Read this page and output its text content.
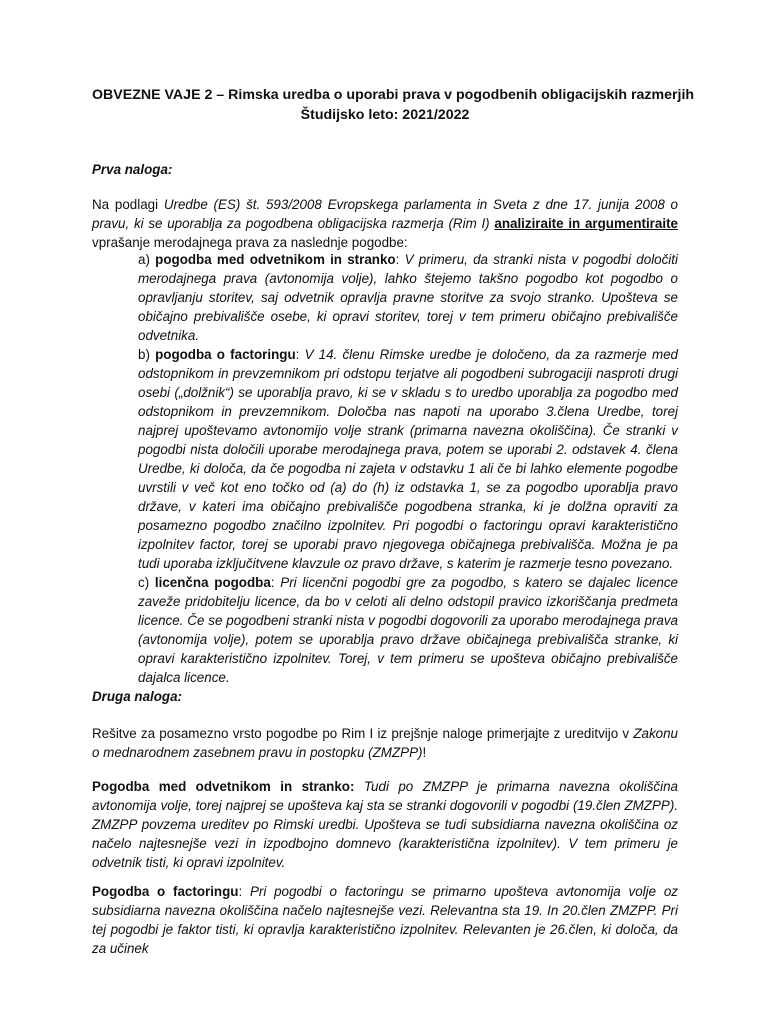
OBVEZNE VAJE 2 – Rimska uredba o uporabi prava v pogodbenih obligacijskih razmerjih
Študijsko leto: 2021/2022
Prva naloga:
Na podlagi Uredbe (ES) št. 593/2008 Evropskega parlamenta in Sveta z dne 17. junija 2008 o pravu, ki se uporablja za pogodbena obligacijska razmerja (Rim I) analiziraite in argumentiraite vprašanje merodajnega prava za naslednje pogodbe:
a) pogodba med odvetnikom in stranko: V primeru, da stranki nista v pogodbi določiti merodajnega prava (avtonomija volje), lahko štejemo takšno pogodbo kot pogodbo o opravljanju storitev, saj odvetnik opravlja pravne storitve za svojo stranko. Upošteva se običajno prebivališče osebe, ki opravi storitev, torej v tem primeru običajno prebivališče odvetnika.
b) pogodba o factoringu: V 14. členu Rimske uredbe je določeno, da za razmerje med odstopnikom in prevzemnikom pri odstopu terjatve ali pogodbeni subrogaciji nasproti drugi osebi („dolžnik“) se uporablja pravo, ki se v skladu s to uredbo uporablja za pogodbo med odstopnikom in prevzemnikom. Določba nas napoti na uporabo 3.člena Uredbe, torej najprej upoštevamo avtonomijo volje strank (primarna navezna okoliščina). Če stranki v pogodbi nista določili uporabe merodajnega prava, potem se uporabi 2. odstavek 4. člena Uredbe, ki določa, da če pogodba ni zajeta v odstavku 1 ali če bi lahko elemente pogodbe uvrstili v več kot eno točko od (a) do (h) iz odstavka 1, se za pogodbo uporablja pravo države, v kateri ima običajno prebivališče pogodbena stranka, ki je dolžna opraviti za posamezno pogodbo značilno izpolnitev. Pri pogodbi o factoringu opravi karakteristično izpolnitev factor, torej se uporabi pravo njegovega običajnega prebivališča. Možna je pa tudi uporaba izključitvene klavzule oz pravo države, s katerim je razmerje tesno povezano.
c) licenčna pogodba: Pri licenčni pogodbi gre za pogodbo, s katero se dajalec licence zaveže pridobitelju licence, da bo v celoti ali delno odstopil pravico izkoriščanja predmeta licence. Če se pogodbeni stranki nista v pogodbi dogovorili za uporabo merodajnega prava (avtonomija volje), potem se uporablja pravo države običajnega prebivališča stranke, ki opravi karakteristično izpolnitev. Torej, v tem primeru se upošteva običajno prebivališče dajalca licence.
Druga naloga:
Rešitve za posamezno vrsto pogodbe po Rim I iz prejšnje naloge primerjajte z ureditvijo v Zakonu o mednarodnem zasebnem pravu in postopku (ZMZPP)!
Pogodba med odvetnikom in stranko: Tudi po ZMZPP je primarna navezna okoliščina avtonomija volje, torej najprej se upošteva kaj sta se stranki dogovorili v pogodbi (19.člen ZMZPP). ZMZPP povzema ureditev po Rimski uredbi. Upošteva se tudi subsidiarna navezna okoliščina oz načelo najtesnejše vezi in izpodbojno domnevo (karakteristična izpolnitev). V tem primeru je odvetnik tisti, ki opravi izpolnitev.
Pogodba o factoringu: Pri pogodbi o factoringu se primarno upošteva avtonomija volje oz subsidiarna navezna okoliščina načelo najtesnejše vezi. Relevantna sta 19. In 20.člen ZMZPP. Pri tej pogodbi je faktor tisti, ki opravlja karakteristično izpolnitev. Relevanten je 26.člen, ki določa, da za učinek
